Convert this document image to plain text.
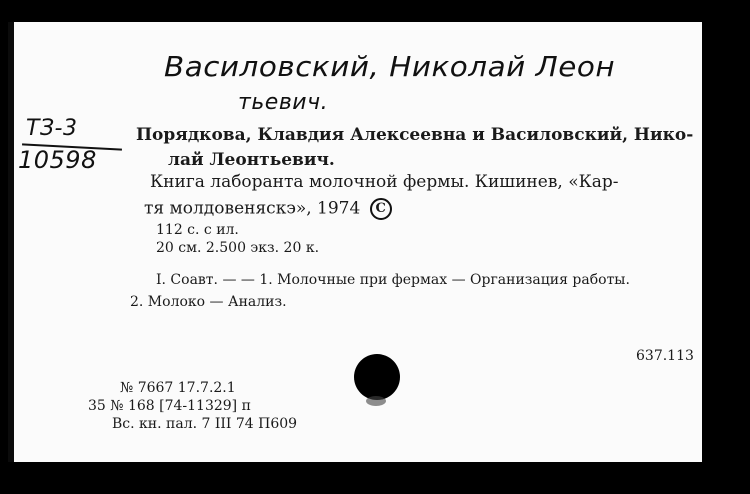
Василовский, Николай Леон
тьевич.
ТЗ-3
10598
Порядкова, Клавдия Алексеевна и Василовский, Нико-
лай Леонтьевич.
Книга лаборанта молочной фермы. Кишинев, «Кар-
тя молдовеняскэ», 1974 C
112 с. с ил.
20 см. 2.500 экз. 20 к.
I. Соавт. — — 1. Молочные при фермах — Организация работы.
2. Молоко — Анализ.
637.113
№ 7667 17.7.2.1
35 № 168 [74-11329] п
Вс. кн. пал. 7 III 74 П609
